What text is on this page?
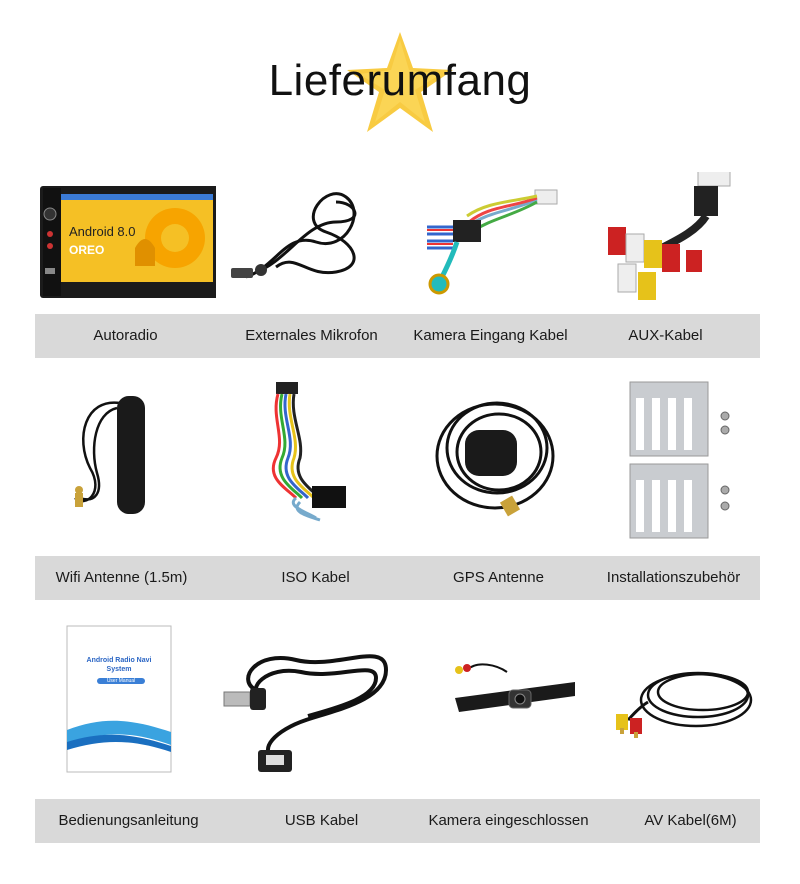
Lieferumfang
Android 8.0
OREO
Autoradio	Externales Mikrofon	Kamera Eingang Kabel	AUX-Kabel
Wifi Antenne (1.5m)	ISO Kabel	GPS Antenne	Installationszubehör
Android Radio Navi
System
User Manual
Bedienungsanleitung	USB Kabel	Kamera eingeschlossen	AV Kabel(6M)
